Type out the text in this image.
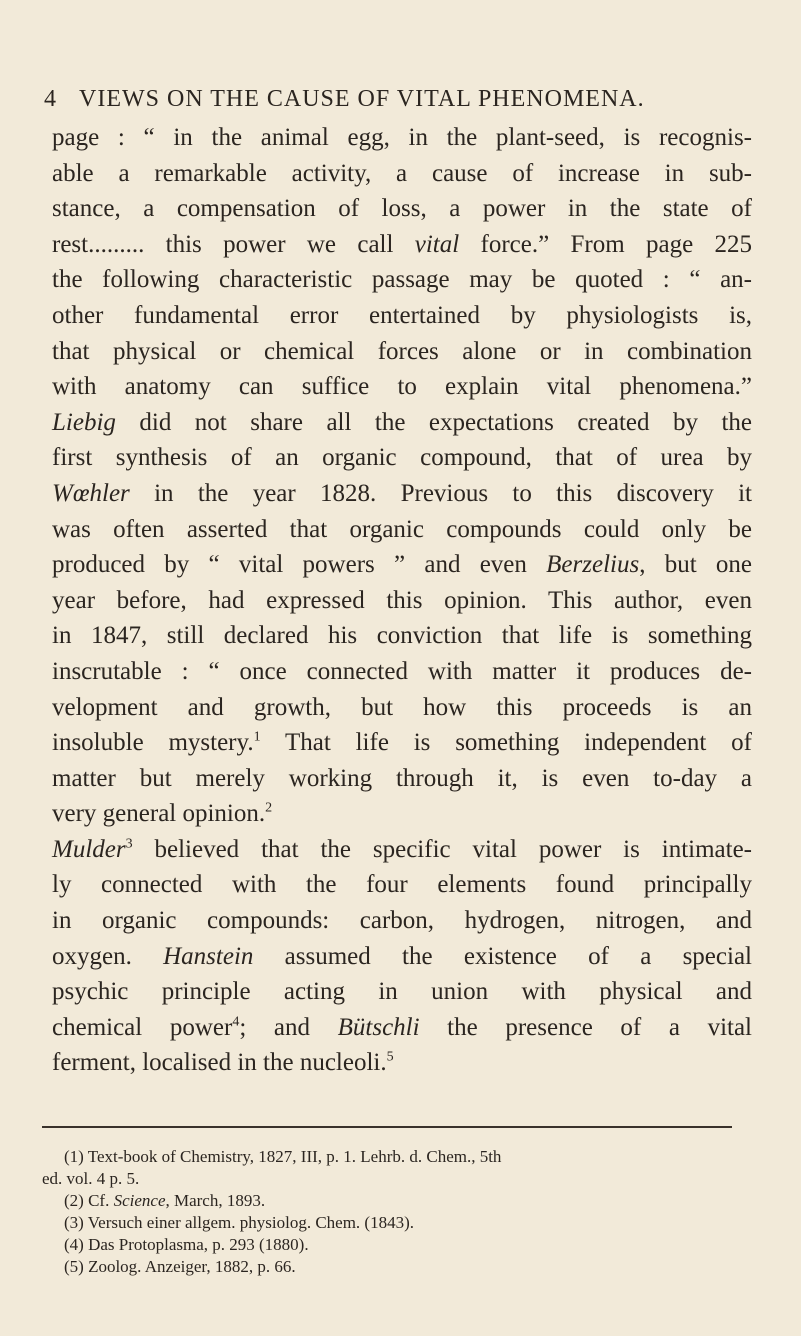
4 VIEWS ON THE CAUSE OF VITAL PHENOMENA.
page : “ in the animal egg, in the plant-seed, is recognis-
able a remarkable activity, a cause of increase in sub-
stance, a compensation of loss, a power in the state of
rest......... this power we call vital force.” From page 225
the following characteristic passage may be quoted : “ an-
other fundamental error entertained by physiologists is,
that physical or chemical forces alone or in combination
with anatomy can suffice to explain vital phenomena.”
Liebig did not share all the expectations created by the
first synthesis of an organic compound, that of urea by
Wœhler in the year 1828. Previous to this discovery it
was often asserted that organic compounds could only be
produced by “ vital powers ” and even Berzelius, but one
year before, had expressed this opinion. This author, even
in 1847, still declared his conviction that life is something
inscrutable : “ once connected with matter it produces de-
velopment and growth, but how this proceeds is an
insoluble mystery.$^1$ That life is something independent of
matter but merely working through it, is even to-day a
very general opinion.$^2$
Mulder$^3$ believed that the specific vital power is intimate-
ly connected with the four elements found principally
in organic compounds: carbon, hydrogen, nitrogen, and
oxygen. Hanstein assumed the existence of a special
psychic principle acting in union with physical and
chemical power$^4$; and Bütschli the presence of a vital
ferment, localised in the nucleoli.$^5$
(1) Text-book of Chemistry, 1827, III, p. 1. Lehrb. d. Chem., 5th
ed. vol. 4 p. 5.
(2) Cf. Science, March, 1893.
(3) Versuch einer allgem. physiolog. Chem. (1843).
(4) Das Protoplasma, p. 293 (1880).
(5) Zoolog. Anzeiger, 1882, p. 66.
